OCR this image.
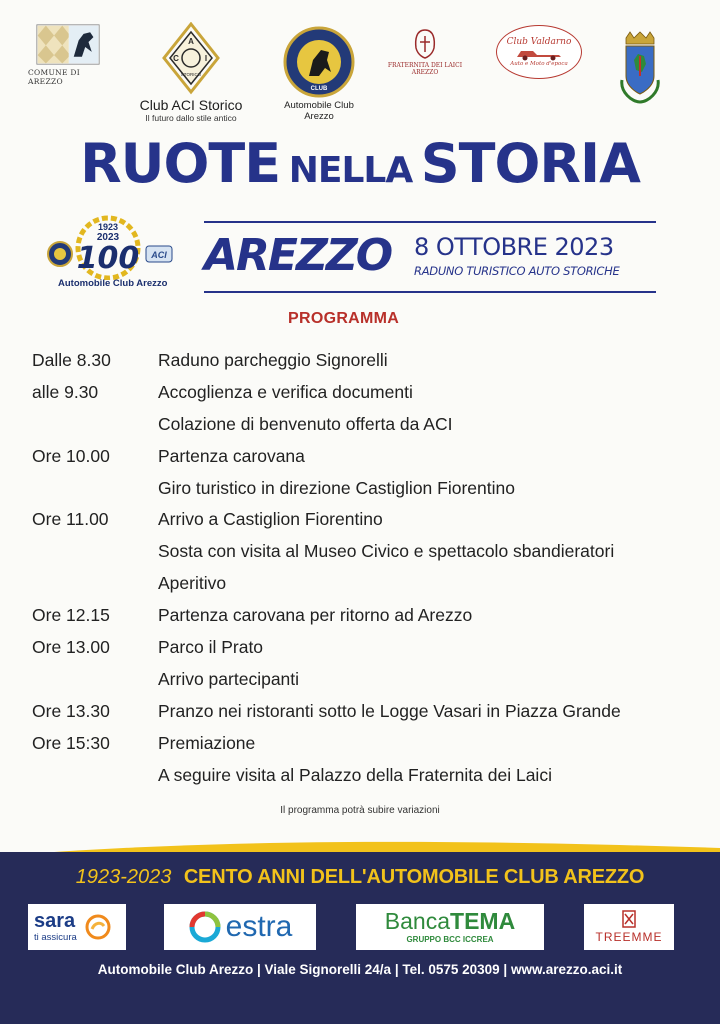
COMUNE DI AREZZO
A
C	I
STORICO
Club ACI Storico
Il futuro dallo stile antico
CLUB
Automobile Club
Arezzo
FRATERNITA DEI LAICI
AREZZO
Club Valdarno
Auto e Moto d'epoca
RUOTE NELLA STORIA
1923
2023
100 ACI
Automobile Club Arezzo
AREZZO 8 OTTOBRE 2023
RADUNO TURISTICO AUTO STORICHE
PROGRAMMA
Dalle 8.30	Raduno parcheggio Signorelli
alle 9.30	Accoglienza e verifica documenti
Colazione di benvenuto offerta da ACI
Ore 10.00	Partenza carovana
Giro turistico in direzione Castiglion Fiorentino
Ore 11.00	Arrivo a Castiglion Fiorentino
Sosta con visita al Museo Civico e spettacolo sbandieratori
Aperitivo
Ore 12.15	Partenza carovana per ritorno ad Arezzo
Ore 13.00	Parco il Prato
Arrivo partecipanti
Ore 13.30	Pranzo nei ristoranti sotto le Logge Vasari in Piazza Grande
Ore 15:30	Premiazione
A seguire visita al Palazzo della Fraternita dei Laici
Il programma potrà subire variazioni
1923-2023 CENTO ANNI DELL'AUTOMOBILE CLUB AREZZO
sara
ti assicura	estra	BancaTEMA
GRUPPO BCC ICCREA	TREEMME
Automobile Club Arezzo | Viale Signorelli 24/a | Tel. 0575 20309 | www.arezzo.aci.it
